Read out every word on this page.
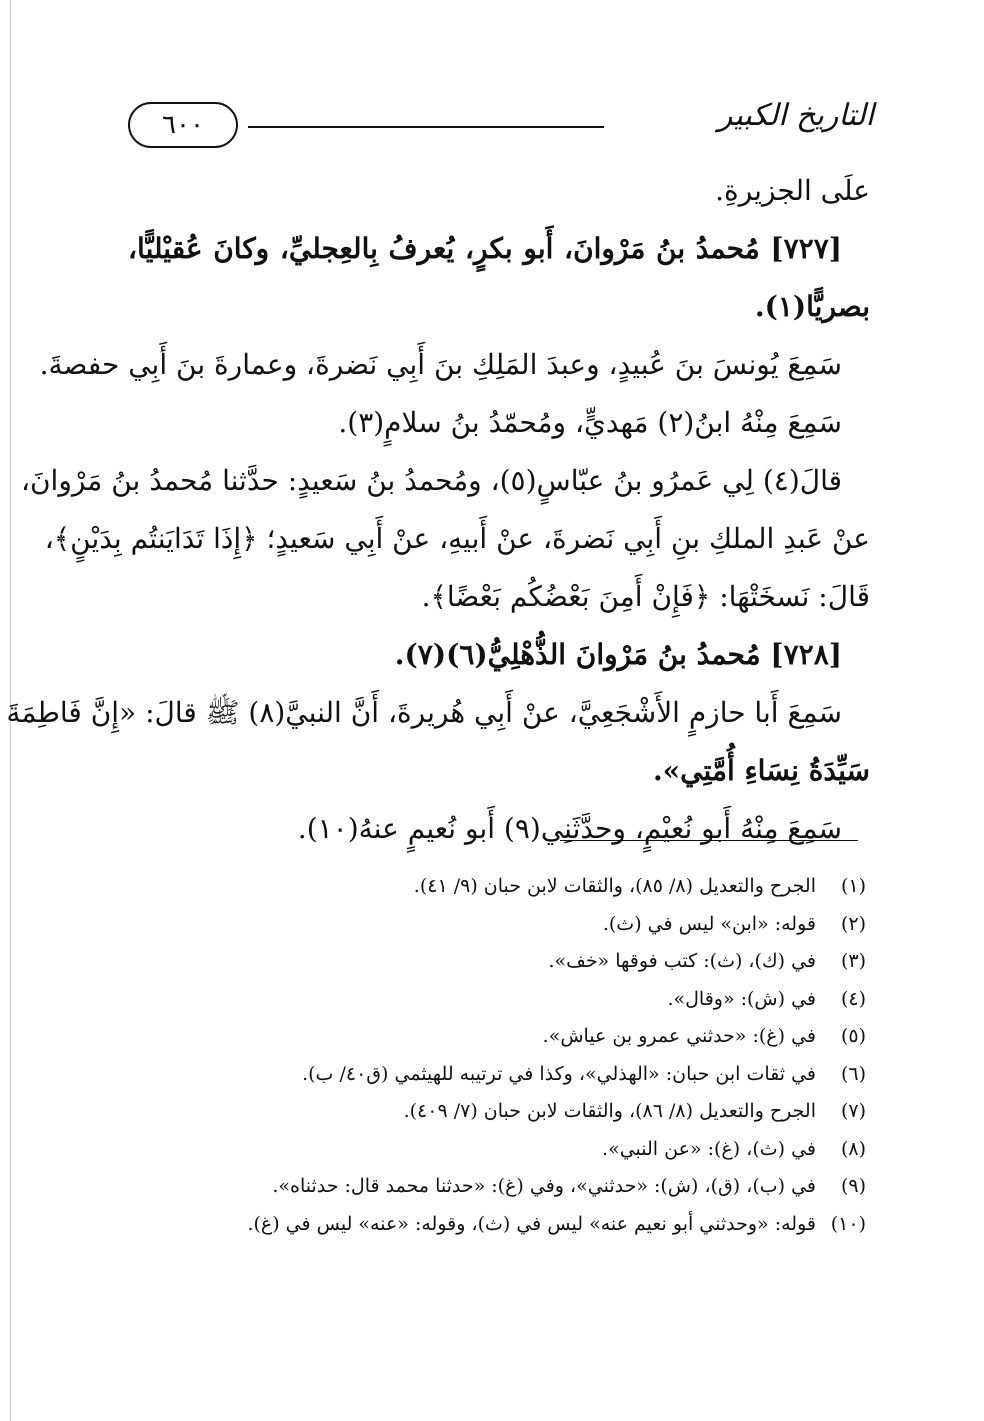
التاريخ الكبير
٦٠٠
علَى الجزيرةِ.
[٧٢٧] مُحمدُ بنُ مَرْوانَ، أَبو بكرٍ، يُعرفُ بِالعِجليِّ، وكانَ عُقيْليًّا،
بصريًّا(١).
سَمِعَ يُونسَ بنَ عُبيدٍ، وعبدَ المَلِكِ بنَ أَبِي نَضرةَ، وعمارةَ بنَ أَبِي حفصةَ.
سَمِعَ مِنْهُ ابنُ(٢) مَهديٍّ، ومُحمّدُ بنُ سلامٍ(٣).
قالَ(٤) لِي عَمرُو بنُ عبّاسٍ(٥)، ومُحمدُ بنُ سَعيدٍ: حدَّثنا مُحمدُ بنُ مَرْوانَ،
عنْ عَبدِ الملكِ بنِ أَبِي نَضرةَ، عنْ أَبيهِ، عنْ أَبِي سَعيدٍ؛ ﴿إِذَا تَدَايَنتُم بِدَيْنٍ﴾،
قَالَ: نَسخَتْهَا: ﴿فَإِنْ أَمِنَ بَعْضُكُم بَعْضًا﴾.
[٧٢٨] مُحمدُ بنُ مَرْوانَ الذُّهْلِيُّ(٦)(٧).
سَمِعَ أَبا حازمٍ الأَشْجَعِيَّ، عنْ أَبِي هُريرةَ، أَنَّ النبيَّ(٨) ﷺ قالَ: «إِنَّ فَاطِمَةَ
سَيِّدَةُ نِسَاءِ أُمَّتِي».
سَمِعَ مِنْهُ أَبو نُعيْمٍ، وحدَّثَنِي(٩) أَبو نُعيمٍ عنهُ(١٠).
(١)الجرح والتعديل (٨/ ٨٥)، والثقات لابن حبان (٩/ ٤١).
(٢)قوله: «ابن» ليس في (ث).
(٣)في (ك)، (ث): كتب فوقها «خف».
(٤)في (ش): «وقال».
(٥)في (غ): «حدثني عمرو بن عياش».
(٦)في ثقات ابن حبان: «الهذلي»، وكذا في ترتيبه للهيثمي (ق٤٠/ ب).
(٧)الجرح والتعديل (٨/ ٨٦)، والثقات لابن حبان (٧/ ٤٠٩).
(٨)في (ث)، (غ): «عن النبي».
(٩)في (ب)، (ق)، (ش): «حدثني»، وفي (غ): «حدثنا محمد قال: حدثناه».
(١٠)قوله: «وحدثني أبو نعيم عنه» ليس في (ث)، وقوله: «عنه» ليس في (غ).
